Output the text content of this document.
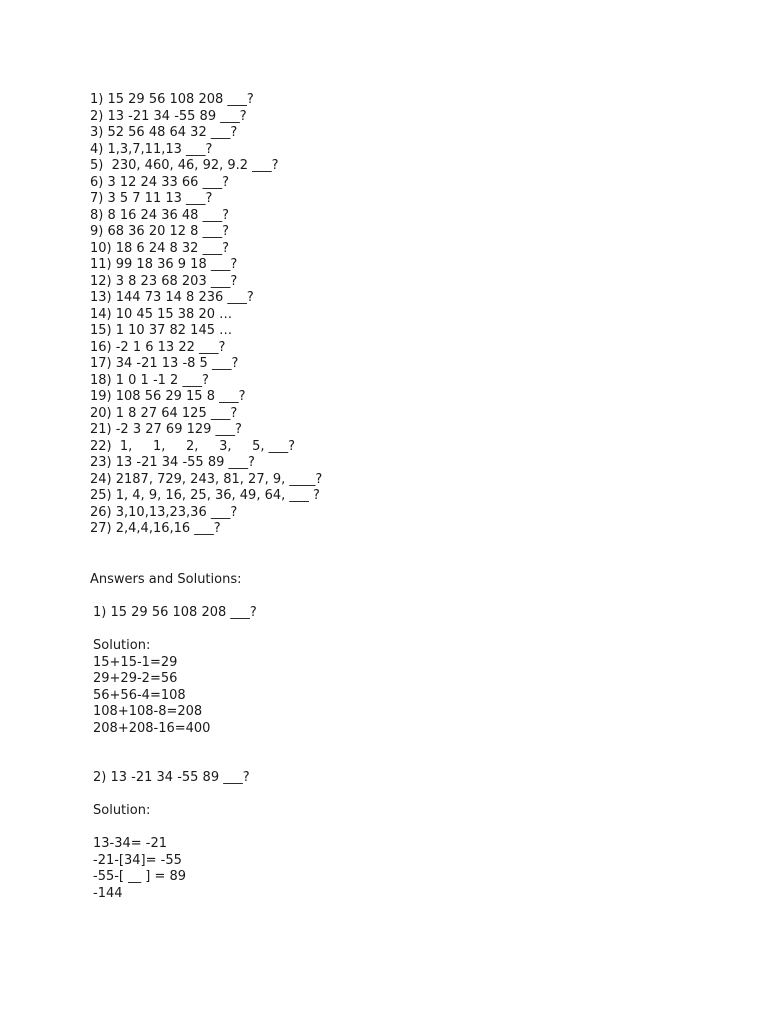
1) 15 29 56 108 208 ___?
2) 13 -21 34 -55 89 ___?
3) 52 56 48 64 32 ___?
4) 1,3,7,11,13 ___?
5)  230, 460, 46, 92, 9.2 ___?
6) 3 12 24 33 66 ___?
7) 3 5 7 11 13 ___?
8) 8 16 24 36 48 ___?
9) 68 36 20 12 8 ___?
10) 18 6 24 8 32 ___?
11) 99 18 36 9 18 ___?
12) 3 8 23 68 203 ___?
13) 144 73 14 8 236 ___?
14) 10 45 15 38 20 …
15) 1 10 37 82 145 …
16) -2 1 6 13 22 ___?
17) 34 -21 13 -8 5 ___?
18) 1 0 1 -1 2 ___?
19) 108 56 29 15 8 ___?
20) 1 8 27 64 125 ___?
21) -2 3 27 69 129 ___?
22)  1,     1,     2,     3,     5, ___?
23) 13 -21 34 -55 89 ___?
24) 2187, 729, 243, 81, 27, 9, ____?
25) 1, 4, 9, 16, 25, 36, 49, 64, ___ ?
26) 3,10,13,23,36 ___?
27) 2,4,4,16,16 ___?
Answers and Solutions:
1) 15 29 56 108 208 ___?
Solution:
15+15-1=29
29+29-2=56
56+56-4=108
108+108-8=208
208+208-16=400
2) 13 -21 34 -55 89 ___?
Solution:
13-34= -21
-21-[34]= -55
-55-[ __ ] = 89
-144
